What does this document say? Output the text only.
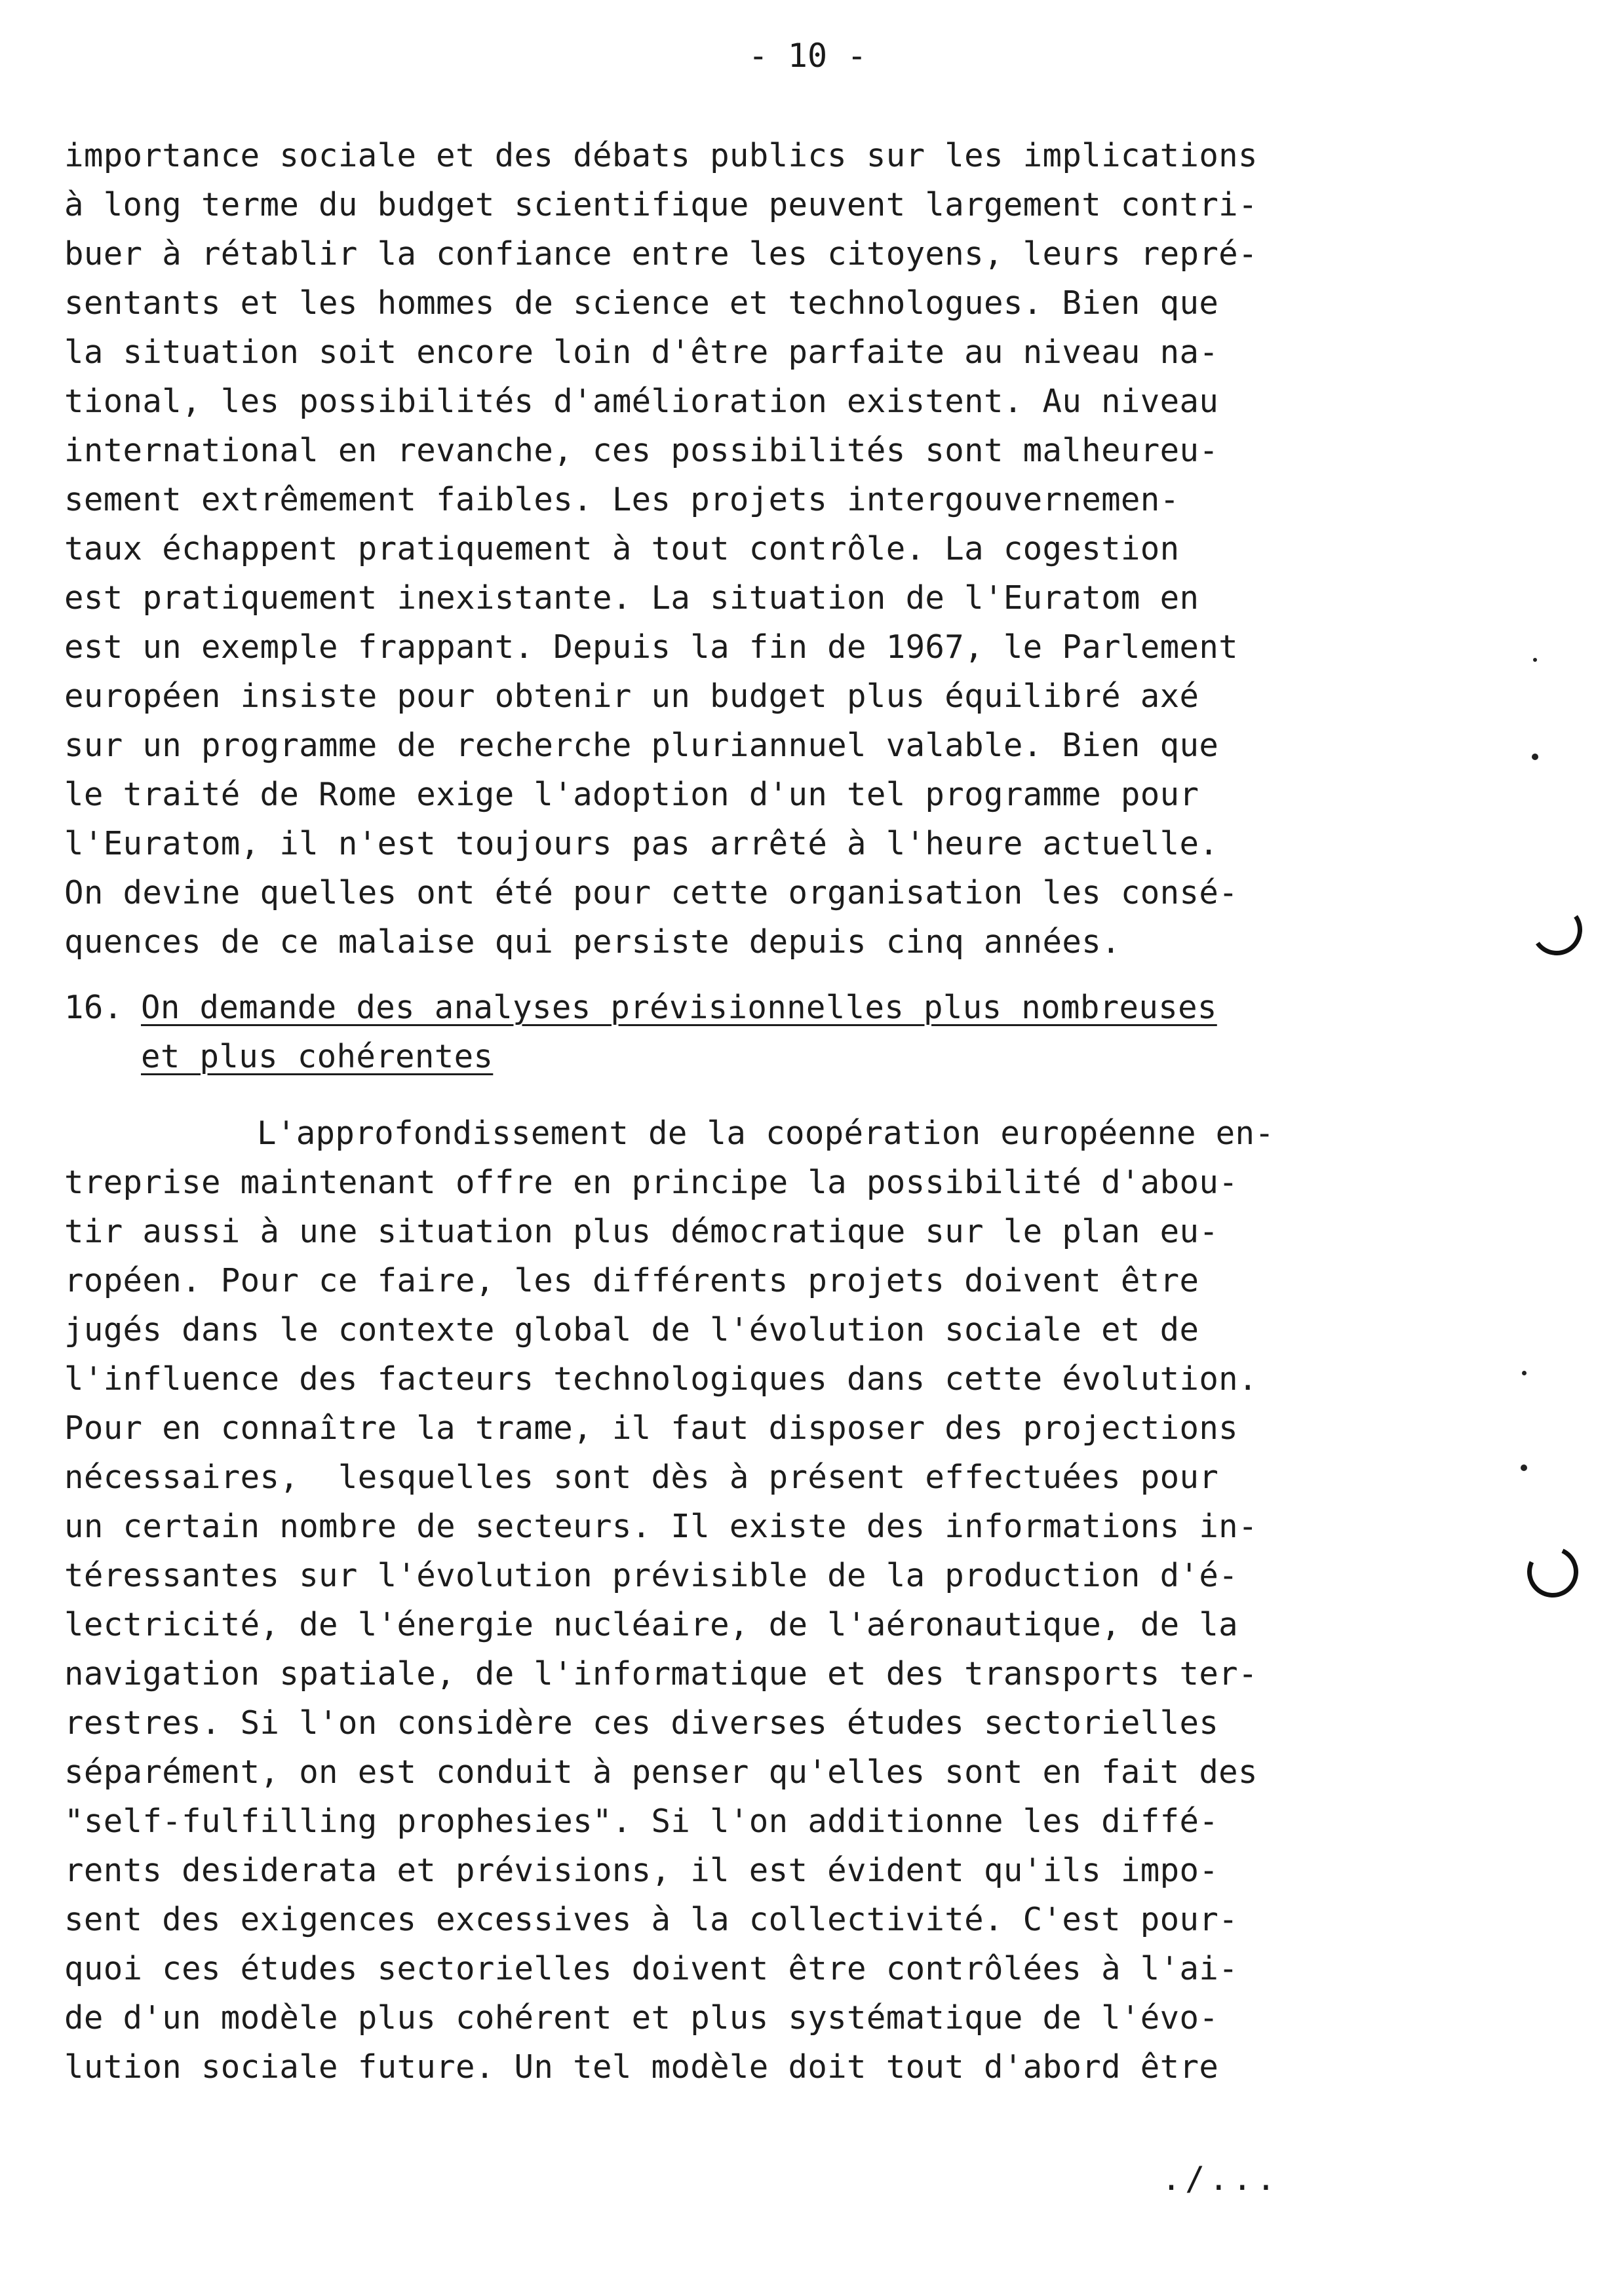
- 10 -
importance sociale et des débats publics sur les implications
à long terme du budget scientifique peuvent largement contri-
buer à rétablir la confiance entre les citoyens, leurs repré-
sentants et les hommes de science et technologues. Bien que
la situation soit encore loin d'être parfaite au niveau na-
tional, les possibilités d'amélioration existent. Au niveau
international en revanche, ces possibilités sont malheureu-
sement extrêmement faibles. Les projets intergouvernemen-
taux échappent pratiquement à tout contrôle. La cogestion
est pratiquement inexistante. La situation de l'Euratom en
est un exemple frappant. Depuis la fin de 1967, le Parlement
européen insiste pour obtenir un budget plus équilibré axé
sur un programme de recherche pluriannuel valable. Bien que
le traité de Rome exige l'adoption d'un tel programme pour
l'Euratom, il n'est toujours pas arrêté à l'heure actuelle.
On devine quelles ont été pour cette organisation les consé-
quences de ce malaise qui persiste depuis cinq années.
16. On demande des analyses prévisionnelles plus nombreuses
et plus cohérentes
L'approfondissement de la coopération européenne en-
treprise maintenant offre en principe la possibilité d'abou-
tir aussi à une situation plus démocratique sur le plan eu-
ropéen. Pour ce faire, les différents projets doivent être
jugés dans le contexte global de l'évolution sociale et de
l'influence des facteurs technologiques dans cette évolution.
Pour en connaître la trame, il faut disposer des projections
nécessaires,  lesquelles sont dès à présent effectuées pour
un certain nombre de secteurs. Il existe des informations in-
téressantes sur l'évolution prévisible de la production d'é-
lectricité, de l'énergie nucléaire, de l'aéronautique, de la
navigation spatiale, de l'informatique et des transports ter-
restres. Si l'on considère ces diverses études sectorielles
séparément, on est conduit à penser qu'elles sont en fait des
"self-fulfilling prophesies". Si l'on additionne les diffé-
rents desiderata et prévisions, il est évident qu'ils impo-
sent des exigences excessives à la collectivité. C'est pour-
quoi ces études sectorielles doivent être contrôlées à l'ai-
de d'un modèle plus cohérent et plus systématique de l'évo-
lution sociale future. Un tel modèle doit tout d'abord être
./...
